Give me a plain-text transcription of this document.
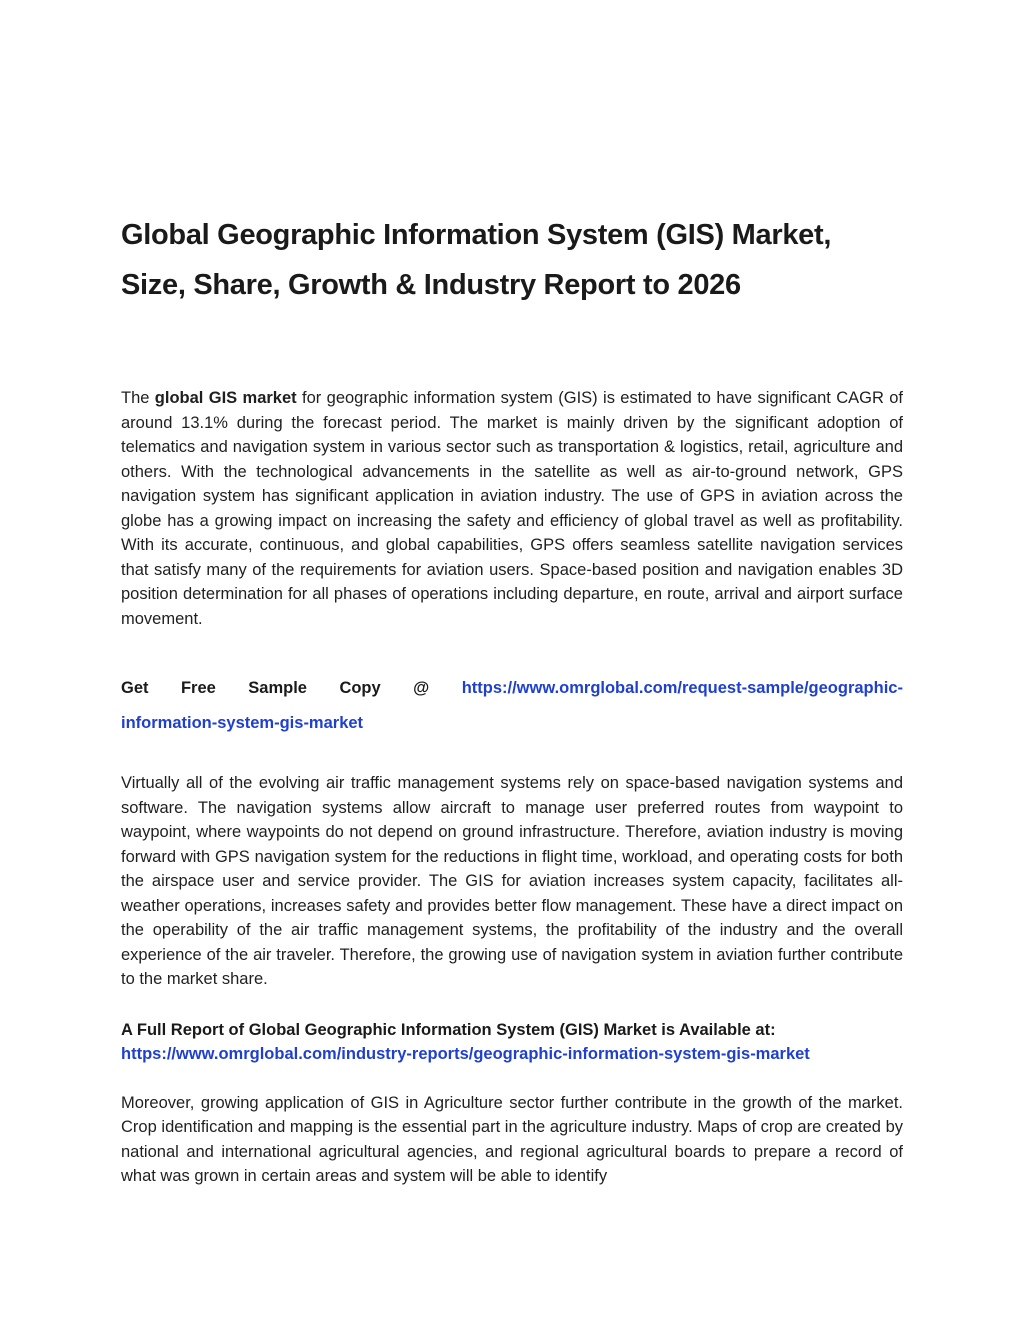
Global Geographic Information System (GIS) Market,
Size, Share, Growth & Industry Report to 2026

The global GIS market for geographic information system (GIS) is estimated to have significant CAGR of around 13.1% during the forecast period. The market is mainly driven by the significant adoption of telematics and navigation system in various sector such as transportation & logistics, retail, agriculture and others. With the technological advancements in the satellite as well as air-to-ground network, GPS navigation system has significant application in aviation industry. The use of GPS in aviation across the globe has a growing impact on increasing the safety and efficiency of global travel as well as profitability. With its accurate, continuous, and global capabilities, GPS offers seamless satellite navigation services that satisfy many of the requirements for aviation users. Space-based position and navigation enables 3D position determination for all phases of operations including departure, en route, arrival and airport surface movement.

Get Free Sample Copy @ https://www.omrglobal.com/request-sample/geographic-
information-system-gis-market

Virtually all of the evolving air traffic management systems rely on space-based navigation systems and software. The navigation systems allow aircraft to manage user preferred routes from waypoint to waypoint, where waypoints do not depend on ground infrastructure. Therefore, aviation industry is moving forward with GPS navigation system for the reductions in flight time, workload, and operating costs for both the airspace user and service provider. The GIS for aviation increases system capacity, facilitates all-weather operations, increases safety and provides better flow management. These have a direct impact on the operability of the air traffic management systems, the profitability of the industry and the overall experience of the air traveler. Therefore, the growing use of navigation system in aviation further contribute to the market share.

A Full Report of Global Geographic Information System (GIS) Market is Available at:
https://www.omrglobal.com/industry-reports/geographic-information-system-gis-market

Moreover, growing application of GIS in Agriculture sector further contribute in the growth of the market. Crop identification and mapping is the essential part in the agriculture industry. Maps of crop are created by national and international agricultural agencies, and regional agricultural boards to prepare a record of what was grown in certain areas and system will be able to identify
